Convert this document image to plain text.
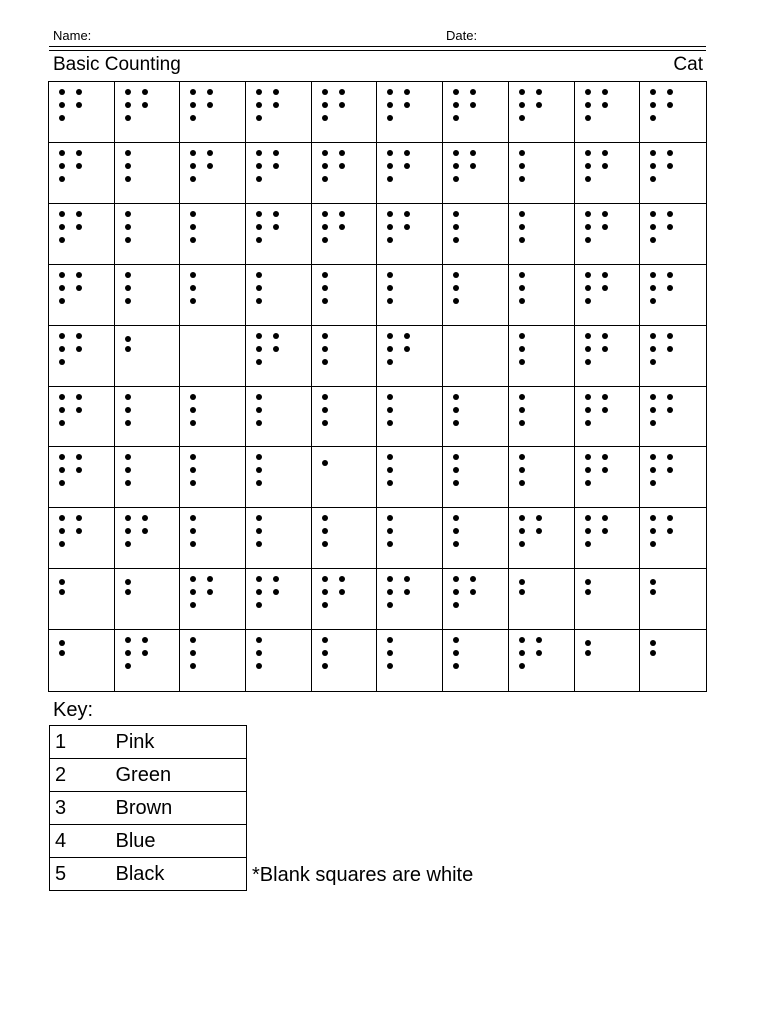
Name:	Date:
Basic Counting	Cat
Key:
1	Pink
2	Green
3	Brown
4	Blue
5	Black	*Blank squares are white
